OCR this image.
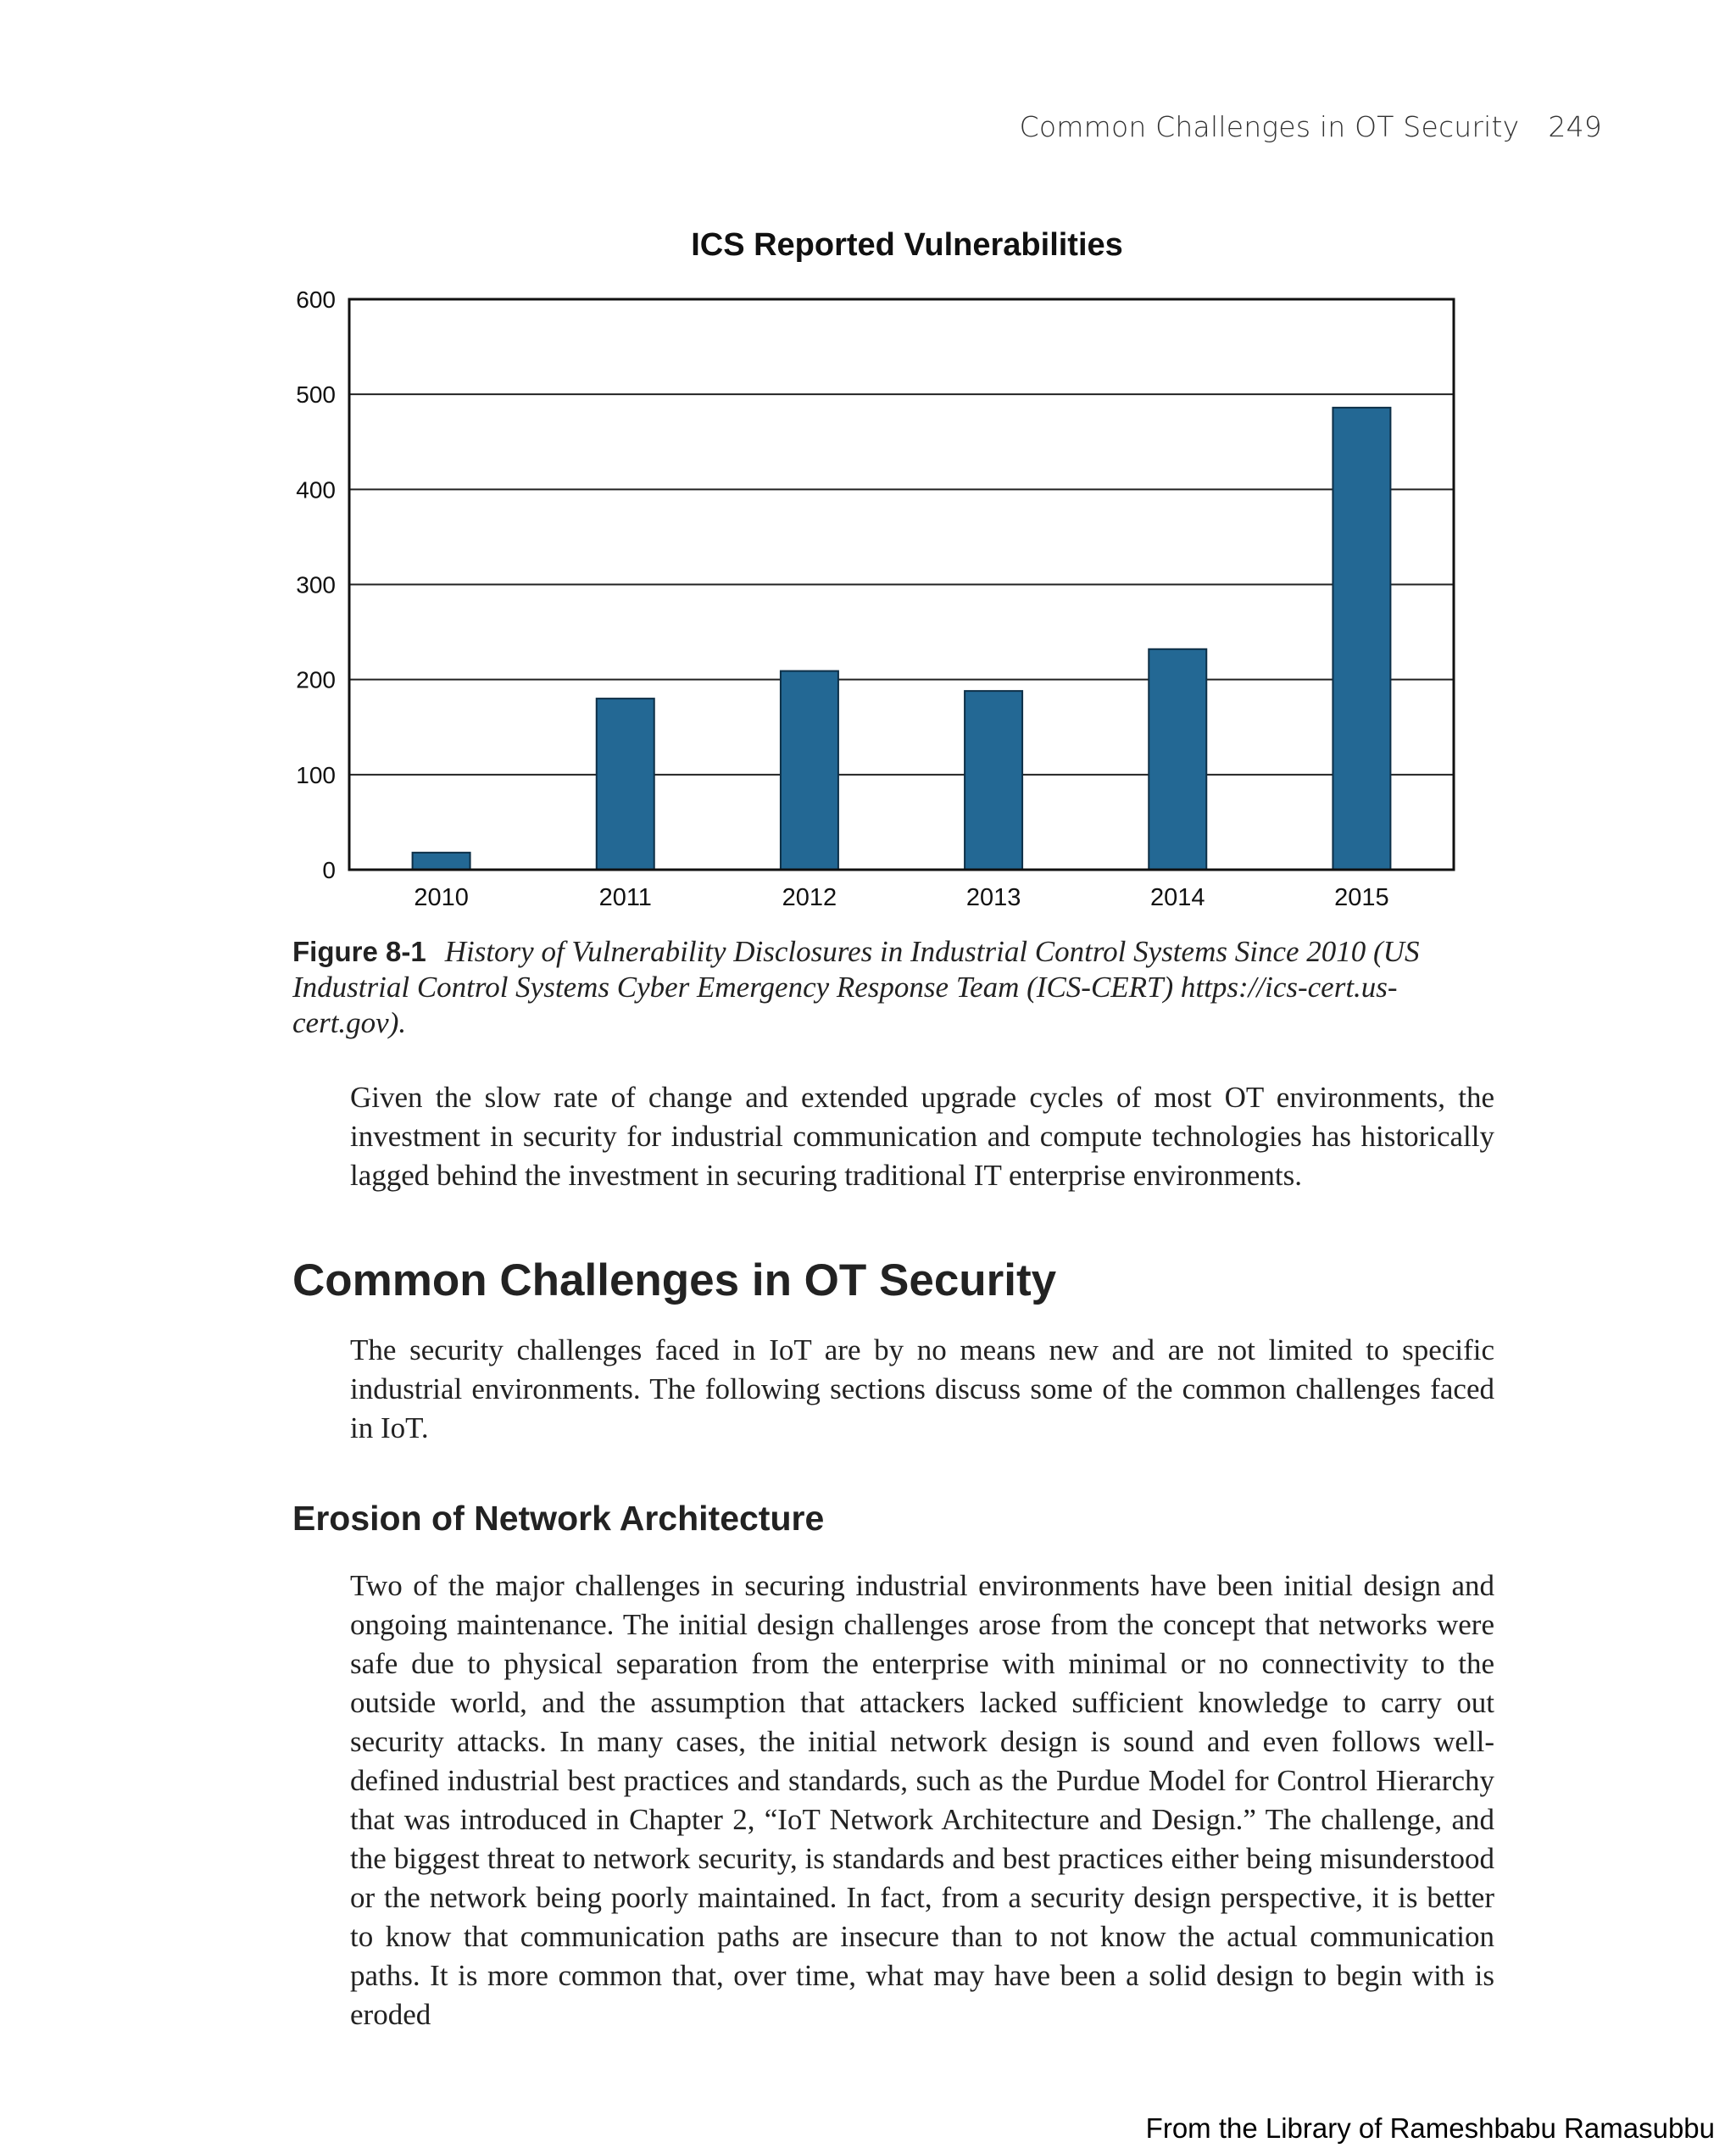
Common Challenges in OT Security 249
ICS Reported Vulnerabilities
0
100
200
300
400
500
600
2010	2011	2012	2013	2014	2015
Figure 8-1 History of Vulnerability Disclosures in Industrial Control Systems Since 2010 (US Industrial Control Systems Cyber Emergency Response Team (ICS-CERT) https://ics-cert.us-cert.gov).

Given the slow rate of change and extended upgrade cycles of most OT environments, the investment in security for industrial communication and compute technologies has historically lagged behind the investment in securing traditional IT enterprise environments.

Common Challenges in OT Security

The security challenges faced in IoT are by no means new and are not limited to specific industrial environments. The following sections discuss some of the common challenges faced in IoT.

Erosion of Network Architecture

Two of the major challenges in securing industrial environments have been initial design and ongoing maintenance. The initial design challenges arose from the concept that networks were safe due to physical separation from the enterprise with minimal or no connectivity to the outside world, and the assumption that attackers lacked sufficient knowledge to carry out security attacks. In many cases, the initial network design is sound and even follows well-defined industrial best practices and standards, such as the Purdue Model for Control Hierarchy that was introduced in Chapter 2, “IoT Network Architecture and Design.” The challenge, and the biggest threat to network security, is standards and best practices either being misunderstood or the network being poorly maintained. In fact, from a security design perspective, it is better to know that communication paths are insecure than to not know the actual communication paths. It is more common that, over time, what may have been a solid design to begin with is eroded

From the Library of Rameshbabu Ramasubbu
